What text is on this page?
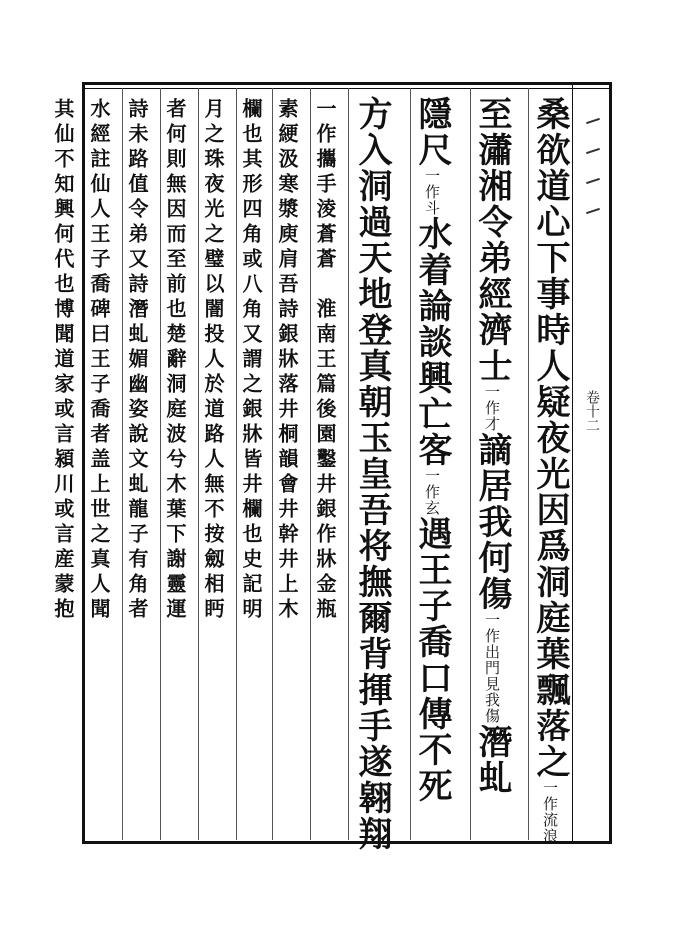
卷十二
桑欲道心下事時人疑夜光因爲洞庭葉飄落之一作流浪
至瀟湘令弟經濟士一作才謫居我何傷一作出門見我傷潛虬
隱尺一作斗水着論談興亡客一作玄遇王子喬口傳不死
方入洞過天地登真朝玉皇吾将撫爾背揮手遂翱翔
一作攜手淩蒼蒼　淮南王篇後園鑿井銀作牀金瓶
素綆汲寒漿庾肩吾詩銀牀落井桐韻會井幹井上木
欄也其形四角或八角又謂之銀牀皆井欄也史記明
月之珠夜光之璧以闇投人於道路人無不按劔相眄
者何則無因而至前也楚辭洞庭波兮木葉下謝靈運
詩未路值令弟又詩潛虬媚幽姿說文虬龍子有角者
水經註仙人王子喬碑曰王子喬者盖上世之真人聞
其仙不知興何代也博聞道家或言潁川或言産蒙抱
